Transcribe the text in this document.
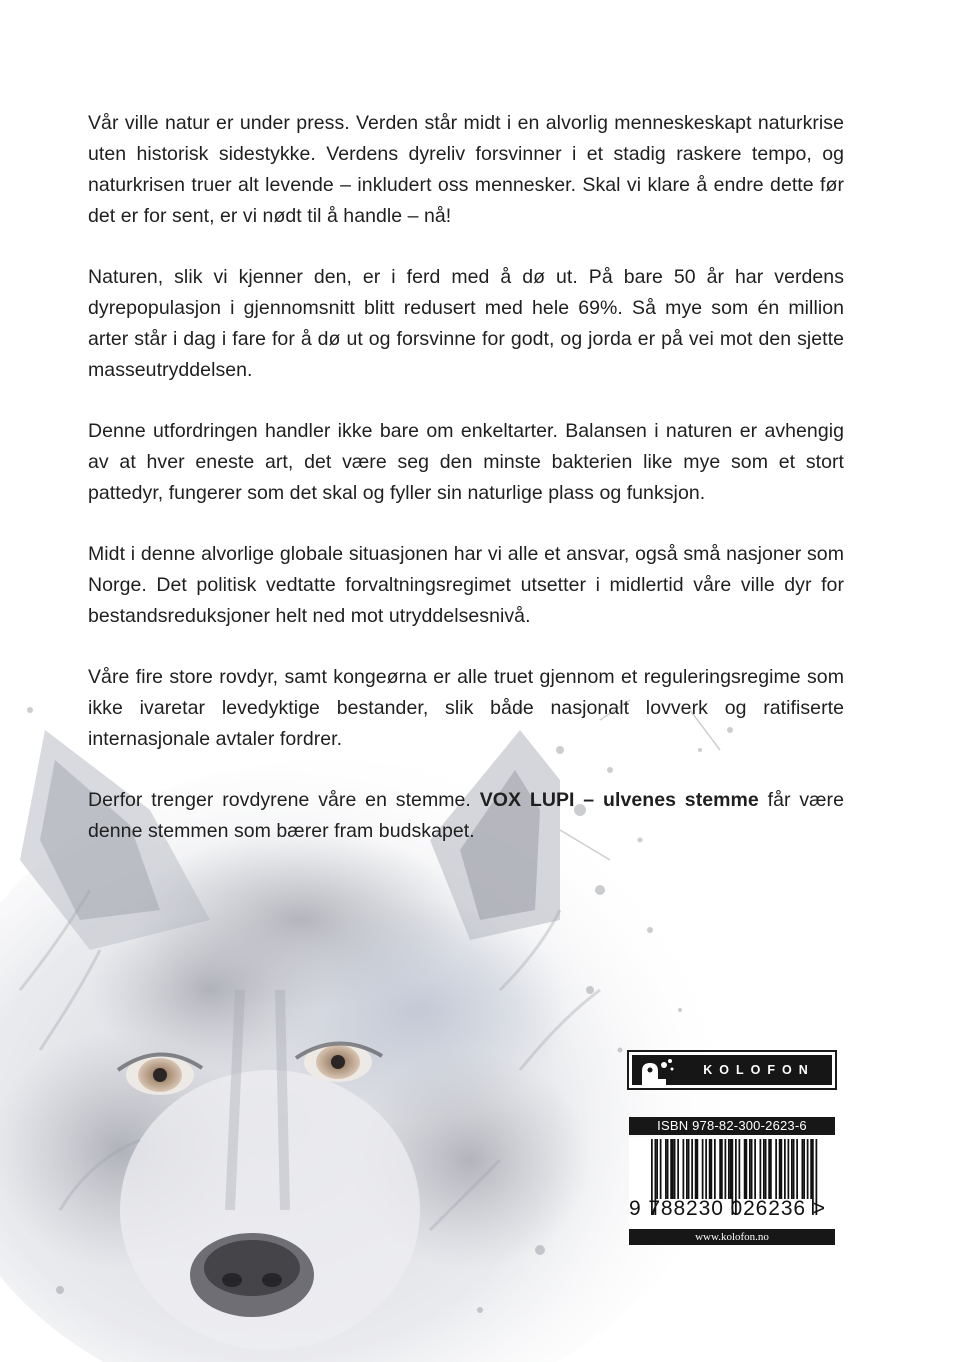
Vår ville natur er under press. Verden står midt i en alvorlig menneskeskapt naturkrise uten historisk sidestykke. Verdens dyreliv forsvinner i et stadig raskere tempo, og naturkrisen truer alt levende – inkludert oss mennesker. Skal vi klare å endre dette før det er for sent, er vi nødt til å handle – nå!

Naturen, slik vi kjenner den, er i ferd med å dø ut. På bare 50 år har verdens dyrepopulasjon i gjennomsnitt blitt redusert med hele 69%. Så mye som én million arter står i dag i fare for å dø ut og forsvinne for godt, og jorda er på vei mot den sjette masseutryddelsen.

Denne utfordringen handler ikke bare om enkeltarter. Balansen i naturen er avhengig av at hver eneste art, det være seg den minste bakterien like mye som et stort pattedyr, fungerer som det skal og fyller sin naturlige plass og funksjon.

Midt i denne alvorlige globale situasjonen har vi alle et ansvar, også små nasjoner som Norge. Det politisk vedtatte forvaltningsregimet utsetter i midlertid våre ville dyr for bestandsreduksjoner helt ned mot utryddelsesnivå.

Våre fire store rovdyr, samt kongeørna er alle truet gjennom et reguleringsregime som ikke ivaretar levedyktige bestander, slik både nasjonalt lovverk og ratifiserte internasjonale avtaler fordrer.

Derfor trenger rovdyrene våre en stemme. VOX LUPI – ulvenes stemme får være denne stemmen som bærer fram budskapet.

KOLOFON
ISBN 978-82-300-2623-6
9 788230 026236 >
www.kolofon.no
